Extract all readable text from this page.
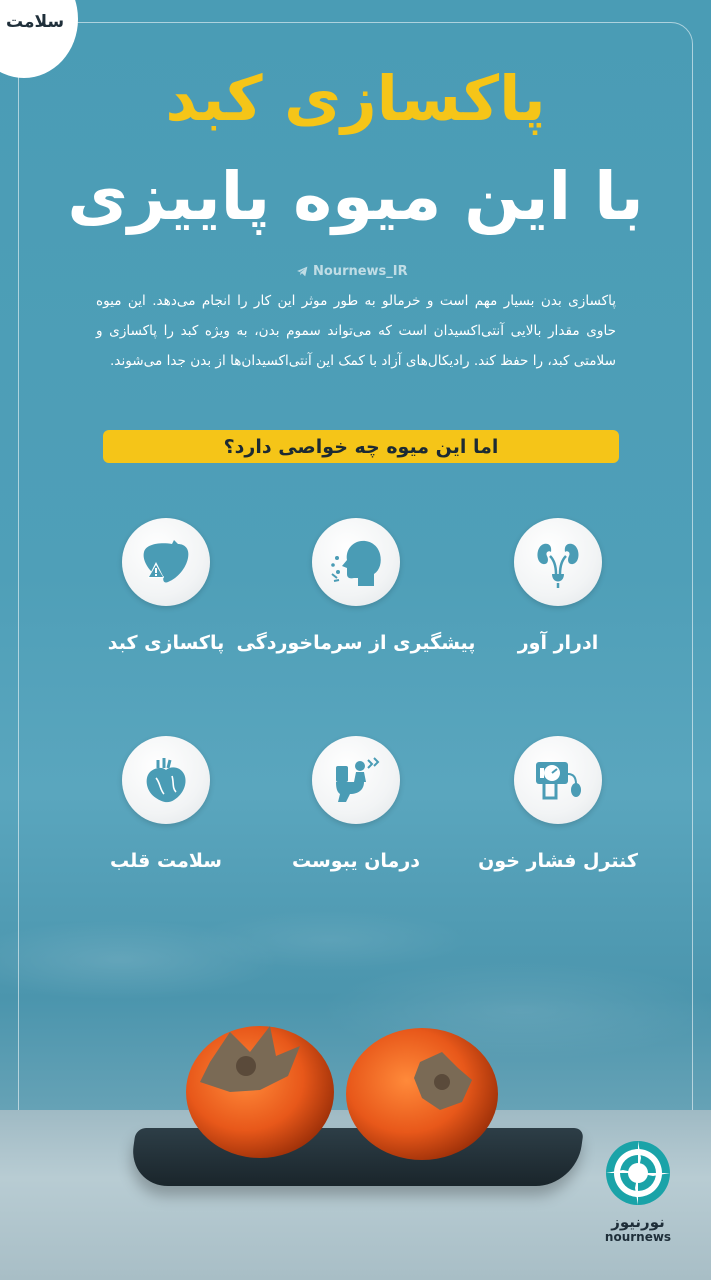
سلامت
پاکسازی کبد
با این میوه پاییزی
Nournews_IR
پاکسازی بدن بسیار مهم است و خرمالو به طور موثر این کار را انجام می‌دهد. این میوه حاوی مقدار بالایی آنتی‌اکسیدان است که می‌تواند سموم بدن، به ویژه کبد را پاکسازی و سلامتی کبد، را حفظ کند. رادیکال‌های آزاد با کمک این آنتی‌اکسیدان‌ها از بدن جدا می‌شوند.
اما این میوه چه خواصی دارد؟
ادرار آور
پیشگیری از سرماخوردگی
پاکسازی کبد
کنترل فشار خون
درمان یبوست
سلامت قلب
نورنیوز
nournews
